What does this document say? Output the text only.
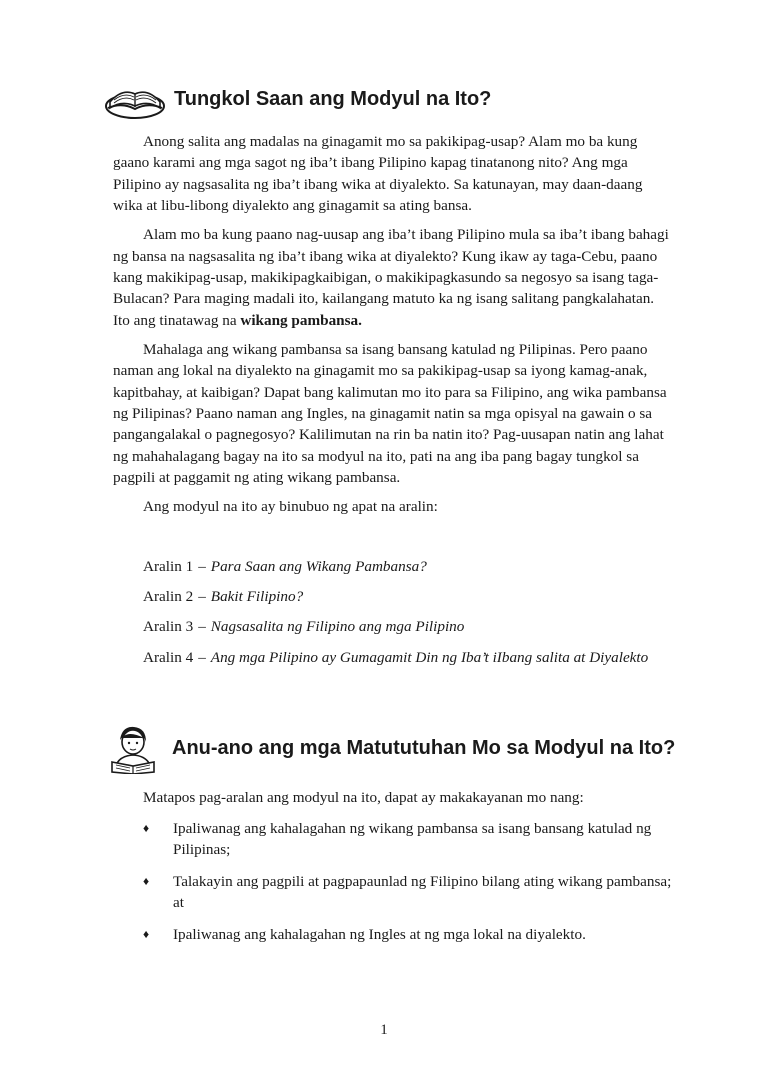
Tungkol Saan ang Modyul na Ito?

Anong salita ang madalas na ginagamit mo sa pakikipag-usap? Alam mo ba kung gaano karami ang mga sagot ng iba’t ibang Pilipino kapag tinatanong nito? Ang mga Pilipino ay nagsasalita ng iba’t ibang wika at diyalekto. Sa katunayan, may daan-daang wika at libu-libong diyalekto ang ginagamit sa ating bansa.

Alam mo ba kung paano nag-uusap ang iba’t ibang Pilipino mula sa iba’t ibang bahagi ng bansa na nagsasalita ng iba’t ibang wika at diyalekto? Kung ikaw ay taga-Cebu, paano kang makikipag-usap, makikipagkaibigan, o makikipagkasundo sa negosyo sa isang taga-Bulacan? Para maging madali ito, kailangang matuto ka ng isang salitang pangkalahatan. Ito ang tinatawag na wikang pambansa.

Mahalaga ang wikang pambansa sa isang bansang katulad ng Pilipinas. Pero paano naman ang lokal na diyalekto na ginagamit mo sa pakikipag-usap sa iyong kamag-anak, kapitbahay, at kaibigan? Dapat bang kalimutan mo ito para sa Filipino, ang wika pambansa ng Pilipinas? Paano naman ang Ingles, na ginagamit natin sa mga opisyal na gawain o sa pangangalakal o pagnegosyo? Kalilimutan na rin ba natin ito? Pag-uusapan natin ang lahat ng mahahalagang bagay na ito sa modyul na ito, pati na ang iba pang bagay tungkol sa pagpili at paggamit ng ating wikang pambansa.

Ang modyul na ito ay binubuo ng apat na aralin:

Aralin 1 – Para Saan ang Wikang Pambansa?
Aralin 2 – Bakit Filipino?
Aralin 3 – Nagsasalita ng Filipino ang mga Pilipino
Aralin 4 – Ang mga Pilipino ay Gumagamit Din ng Iba’t iIbang salita at Diyalekto
Anu-ano ang mga Matututuhan Mo sa Modyul na Ito?
Matapos pag-aralan ang modyul na ito, dapat ay makakayanan mo nang:
♦	Ipaliwanag ang kahalagahan ng wikang pambansa sa isang bansang katulad ng Pilipinas;
♦	Talakayin ang pagpili at pagpapaunlad ng Filipino bilang ating wikang pambansa; at
♦	Ipaliwanag ang kahalagahan ng Ingles at ng mga lokal na diyalekto.
1
